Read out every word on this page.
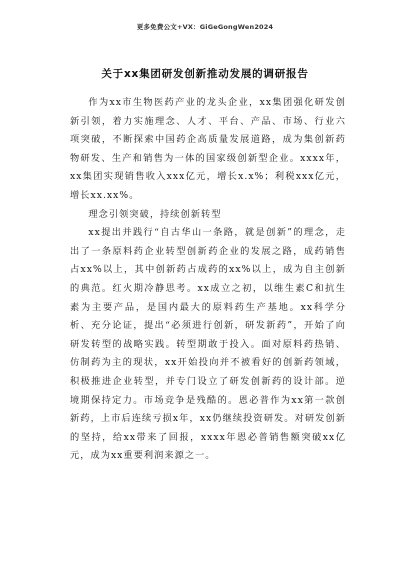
更多免费公文+VX：GiGeGongWen2024
关于xx集团研发创新推动发展的调研报告

作为xx市生物医药产业的龙头企业，xx集团强化研发创新引领，着力实施理念、人才、平台、产品、市场、行业六项突破，不断探索中国药企高质量发展道路，成为集创新药物研发、生产和销售为一体的国家级创新型企业。xxxx年，xx集团实现销售收入xxx亿元，增长x.x%；利税xxx亿元，增长xx.xx%。

理念引领突破，持续创新转型

xx提出并践行“自古华山一条路，就是创新”的理念，走出了一条原料药企业转型创新药企业的发展之路，成药销售占xx%以上，其中创新药占成药的xx%以上，成为自主创新的典范。红火期冷静思考。xx成立之初，以维生素C和抗生素为主要产品，是国内最大的原料药生产基地。xx科学分析、充分论证，提出“必须进行创新，研发新药”，开始了向研发转型的战略实践。转型期敢于投入。面对原料药热销、仿制药为主的现状，xx开始投向并不被看好的创新药领域，积极推进企业转型，并专门设立了研发创新药的设计部。逆境期保持定力。市场竞争是残酷的。恩必普作为xx第一款创新药，上市后连续亏损x年，xx仍继续投资研发。对研发创新的坚持，给xx带来了回报，xxxx年恩必普销售额突破xx亿元，成为xx重要利润来源之一。
